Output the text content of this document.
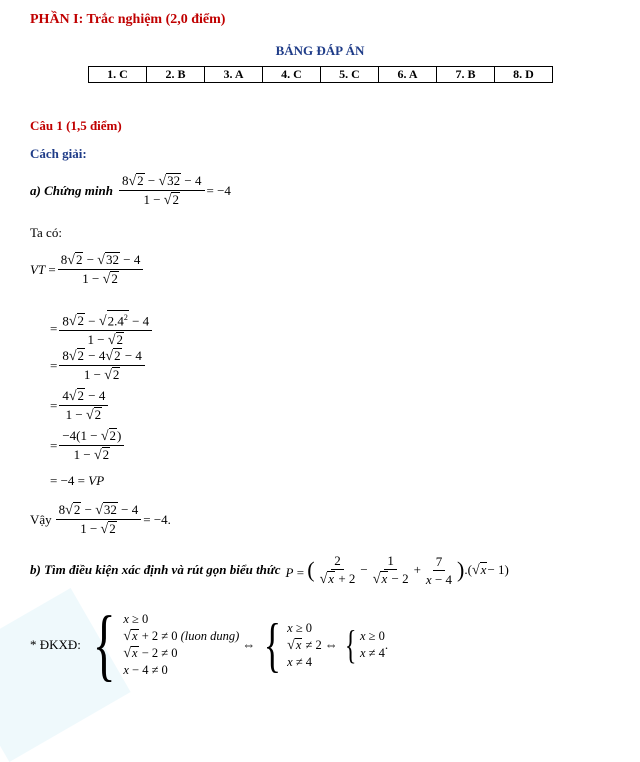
PHẦN I: Trắc nghiệm (2,0 điểm)
BẢNG ĐÁP ÁN
1. C	2. B	3. A	4. C	5. C	6. A	7. B	8. D
Câu 1 (1,5 điểm)
Cách giải:
a) Chứng minh $\frac{8 √ 2 - √ 32 - 4}{1 - √ 2} = -4$
Ta có:
VT = $\frac{8 √ 2 - √ 32 - 4}{1 - √ 2}$
= $\frac{8 √ 2 - √ 2.4^2 - 4}{1 - √ 2}$
= $\frac{8 √ 2 - 4 √ 2 - 4}{1 - √ 2}$
= $\frac{4 √ 2 - 4}{1 - √ 2}$
= $\frac{-4(1 - √ 2 )}{1 - √ 2}$
= −4 = VP
Vậy $\frac{8 √ 2 - √ 32 - 4}{1 - √ 2} = -4$.
b) Tìm điều kiện xác định và rút gọn biểu thức P = ( $\frac{2}{√ x + 2} - \frac{1}{√ x - 2} + \frac{7}{x - 4}$ ) .( √ x − 1)
* ĐKXĐ: { x ≥ 0
√ x + 2 ≠ 0 (luon dung)
√ x − 2 ≠ 0
x − 4 ≠ 0
⇔ { x ≥ 0
√ x ≠ 2
x ≠ 4
⇔ { x ≥ 0
x ≠ 4
.
